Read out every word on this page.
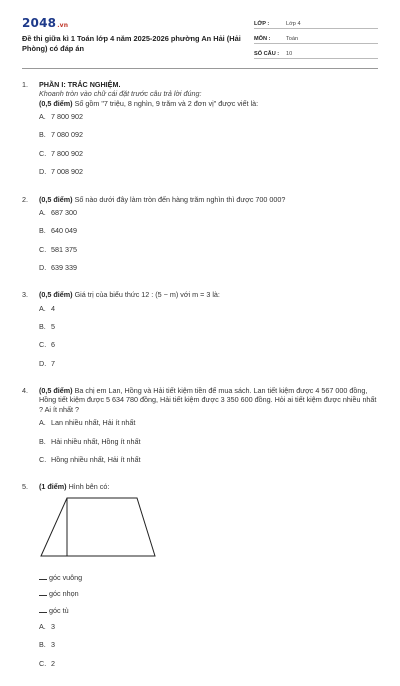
2048.vn
Đề thi giữa kì 1 Toán lớp 4 năm 2025-2026 phường An Hải (Hải Phòng) có đáp án
LỚP :	Lớp 4
MÔN :	Toán
SỐ CÂU :	10
1. PHẦN I: TRẮC NGHIỆM.
Khoanh tròn vào chữ cái đặt trước câu trả lời đúng:
(0,5 điểm) Số gồm "7 triệu, 8 nghìn, 9 trăm và 2 đơn vị" được viết là:
A. 7 800 902
B. 7 080 092
C. 7 800 902
D. 7 008 902
2. (0,5 điểm) Số nào dưới đây làm tròn đến hàng trăm nghìn thì được 700 000?
A. 687 300
B. 640 049
C. 581 375
D. 639 339
3. (0,5 điểm) Giá trị của biểu thức 12 : (5 − m) với m = 3 là:
A. 4
B. 5
C. 6
D. 7
4. (0,5 điểm) Ba chị em Lan, Hồng và Hải tiết kiệm tiền để mua sách. Lan tiết kiệm được 4 567 000 đồng, Hồng tiết kiệm được 5 634 780 đồng, Hải tiết kiệm được 3 350 600 đồng. Hỏi ai tiết kiệm được nhiều nhất ? Ai ít nhất ?
A. Lan nhiều nhất, Hải ít nhất
B. Hải nhiều nhất, Hồng ít nhất
C. Hồng nhiều nhất, Hải ít nhất
5. (1 điểm) Hình bên có:
góc vuông
góc nhọn
góc tù
A. 3
B. 3
C. 2
